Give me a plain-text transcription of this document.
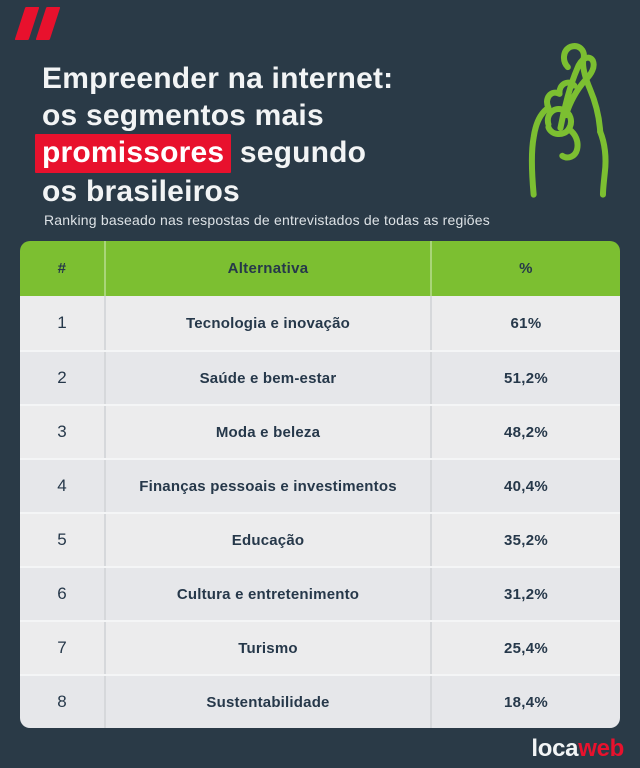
Empreender na internet:
os segmentos mais
promissores segundo
os brasileiros

Ranking baseado nas respostas de entrevistados de todas as regiões

#	Alternativa	%
1	Tecnologia e inovação	61%
2	Saúde e bem-estar	51,2%
3	Moda e beleza	48,2%
4	Finanças pessoais e investimentos	40,4%
5	Educação	35,2%
6	Cultura e entretenimento	31,2%
7	Turismo	25,4%
8	Sustentabilidade	18,4%
locaweb
